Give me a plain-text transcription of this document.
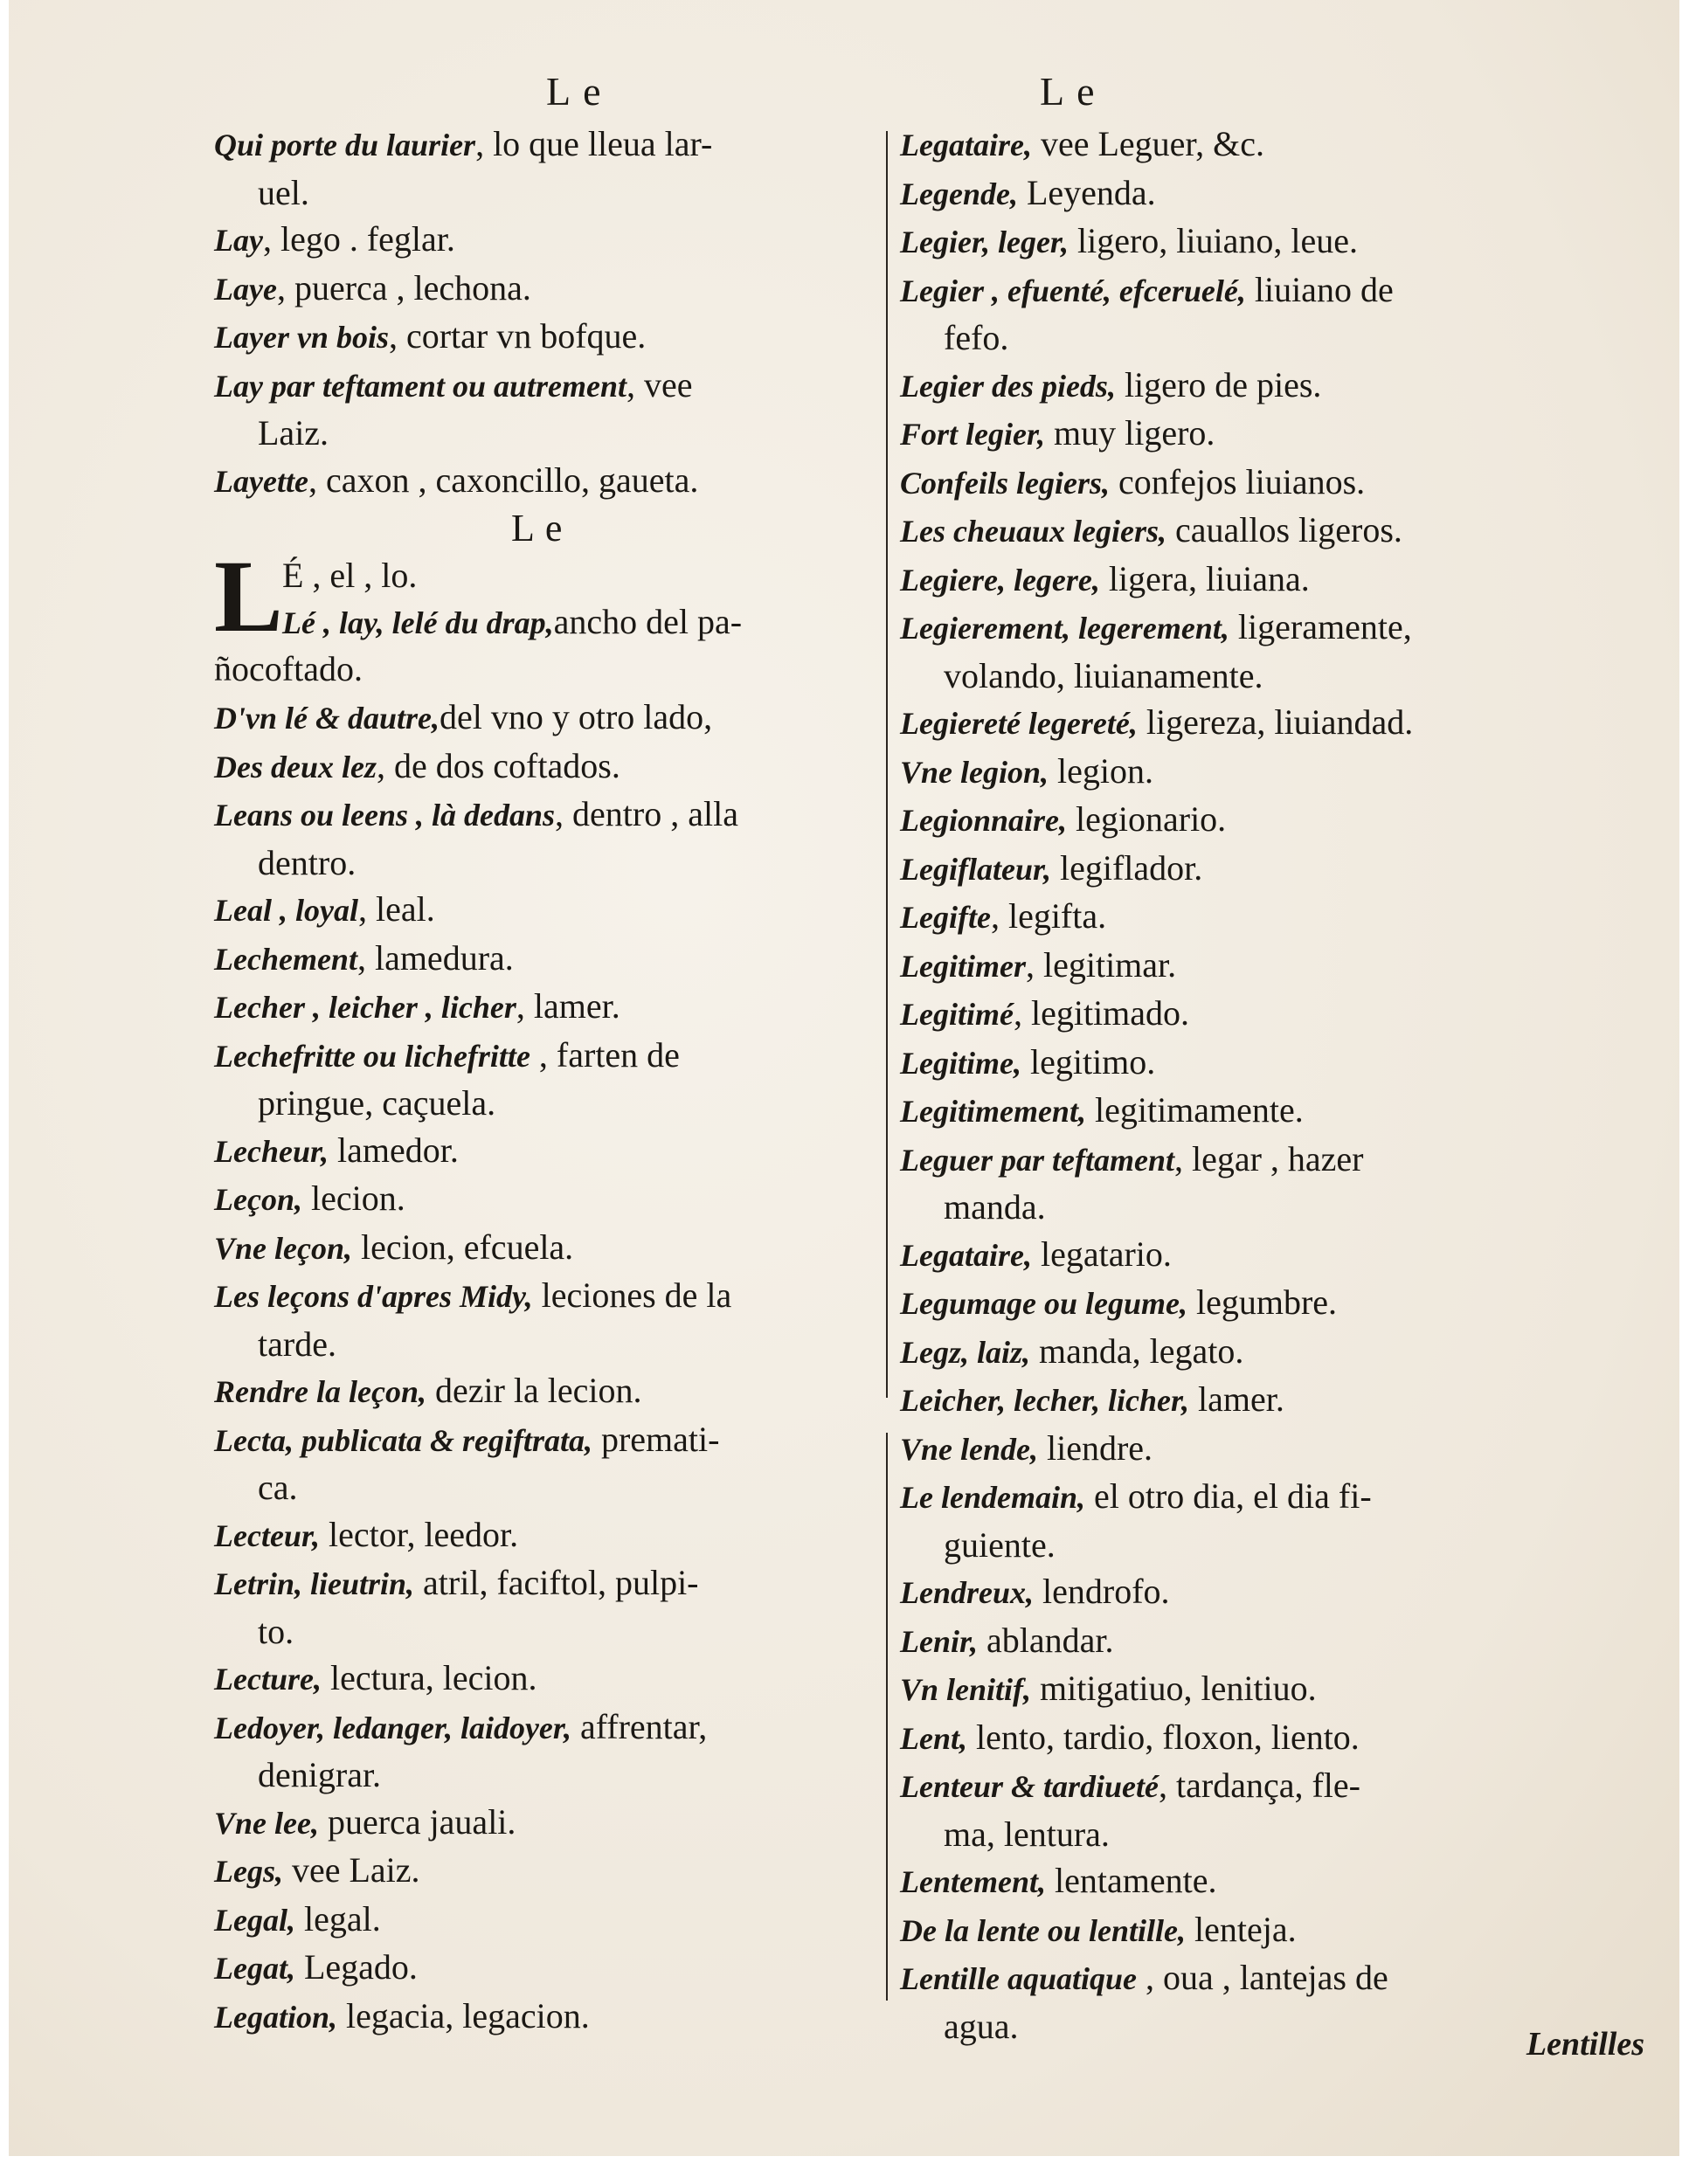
Le
Qui porte du laurier, lo que lleua lar-
uel.
Lay, lego . feglar.
Laye, puerca , lechona.
Layer vn bois, cortar vn bofque.
Lay par teftament ou autrement, vee
Laiz.
Layette, caxon , caxoncillo, gaueta.
Le
L É , el , lo.
Lé , lay, lelé du drap,ancho del pa-
ñocoftado.
D'vn lé & dautre,del vno y otro lado,
Des deux lez, de dos coftados.
Leans ou leens , là dedans, dentro , alla
dentro.
Leal , loyal, leal.
Lechement, lamedura.
Lecher , leicher , licher, lamer.
Lechefritte ou lichefritte , farten de
pringue, caçuela.
Lecheur, lamedor.
Leçon, lecion.
Vne leçon, lecion, efcuela.
Les leçons d'apres Midy, leciones de la
tarde.
Rendre la leçon, dezir la lecion.
Lecta, publicata & regiftrata, premati-
ca.
Lecteur, lector, leedor.
Letrin, lieutrin, atril, faciftol, pulpi-
to.
Lecture, lectura, lecion.
Ledoyer, ledanger, laidoyer, affrentar,
denigrar.
Vne lee, puerca jauali.
Legs, vee Laiz.
Legal, legal.
Legat, Legado.
Legation, legacia, legacion.
Le
Legataire, vee Leguer, &c.
Legende, Leyenda.
Legier, leger, ligero, liuiano, leue.
Legier , efuenté, efceruelé, liuiano de
fefo.
Legier des pieds, ligero de pies.
Fort legier, muy ligero.
Confeils legiers, confejos liuianos.
Les cheuaux legiers, cauallos ligeros.
Legiere, legere, ligera, liuiana.
Legierement, legerement, ligeramente,
volando, liuianamente.
Legiereté legereté, ligereza, liuiandad.
Vne legion, legion.
Legionnaire, legionario.
Legiflateur, legiflador.
Legifte, legifta.
Legitimer, legitimar.
Legitimé, legitimado.
Legitime, legitimo.
Legitimement, legitimamente.
Leguer par teftament, legar , hazer
manda.
Legataire, legatario.
Legumage ou legume, legumbre.
Legz, laiz, manda, legato.
Leicher, lecher, licher, lamer.
Vne lende, liendre.
Le lendemain, el otro dia, el dia fi-
guiente.
Lendreux, lendrofo.
Lenir, ablandar.
Vn lenitif, mitigatiuo, lenitiuo.
Lent, lento, tardio, floxon, liento.
Lenteur & tardiueté, tardança, fle-
ma, lentura.
Lentement, lentamente.
De la lente ou lentille, lenteja.
Lentille aquatique , oua , lantejas de
agua.	Lentilles
